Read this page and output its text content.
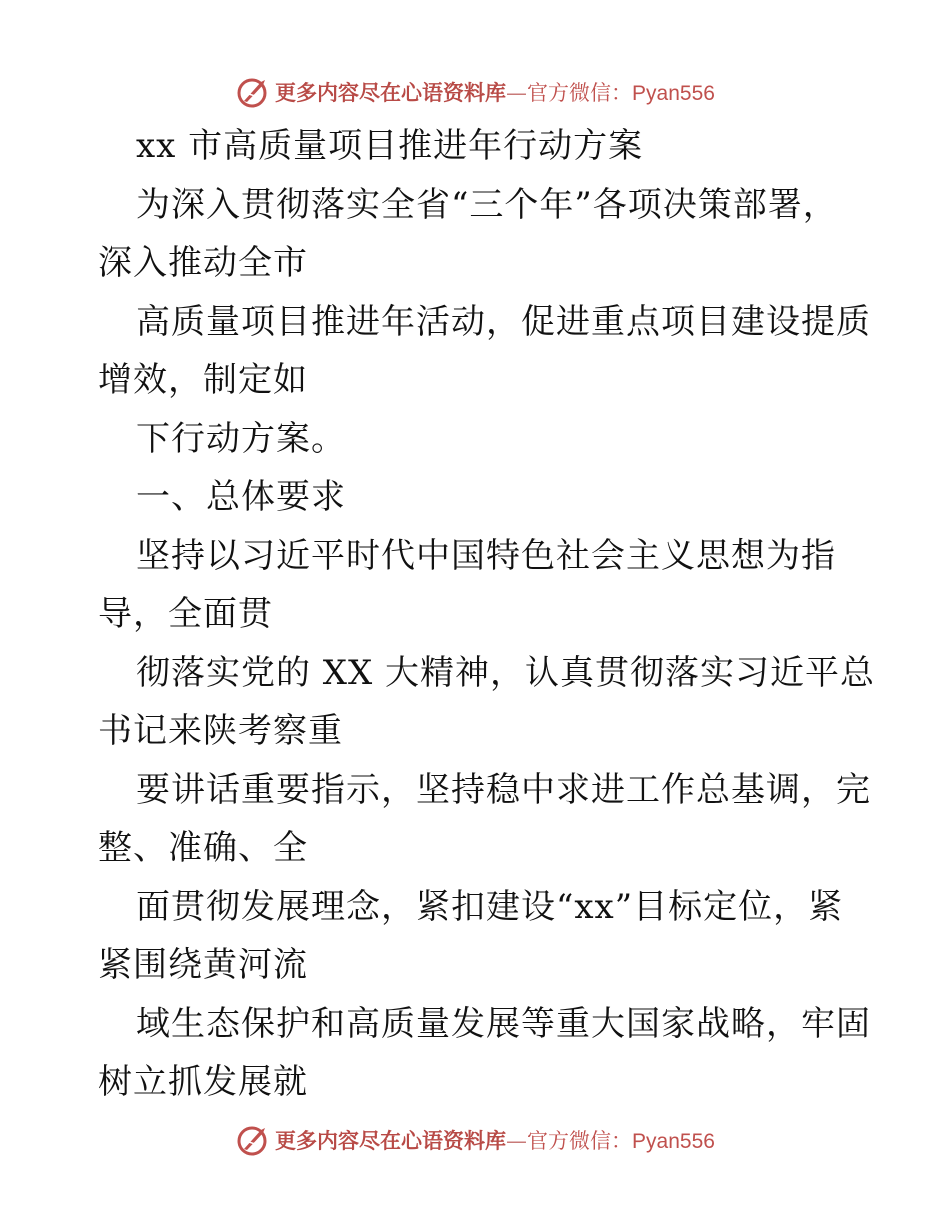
更多内容尽在心语资料库—官方微信：Pyan556
xx 市高质量项目推进年行动方案
为深入贯彻落实全省“三个年”各项决策部署，
深入推动全市
高质量项目推进年活动，促进重点项目建设提质
增效，制定如
下行动方案。
一、总体要求
坚持以习近平时代中国特色社会主义思想为指
导，全面贯
彻落实党的 XX 大精神，认真贯彻落实习近平总
书记来陕考察重
要讲话重要指示，坚持稳中求进工作总基调，完
整、准确、全
面贯彻发展理念，紧扣建设“xx”目标定位，紧
紧围绕黄河流
域生态保护和高质量发展等重大国家战略，牢固
树立抓发展就
更多内容尽在心语资料库—官方微信：Pyan556
